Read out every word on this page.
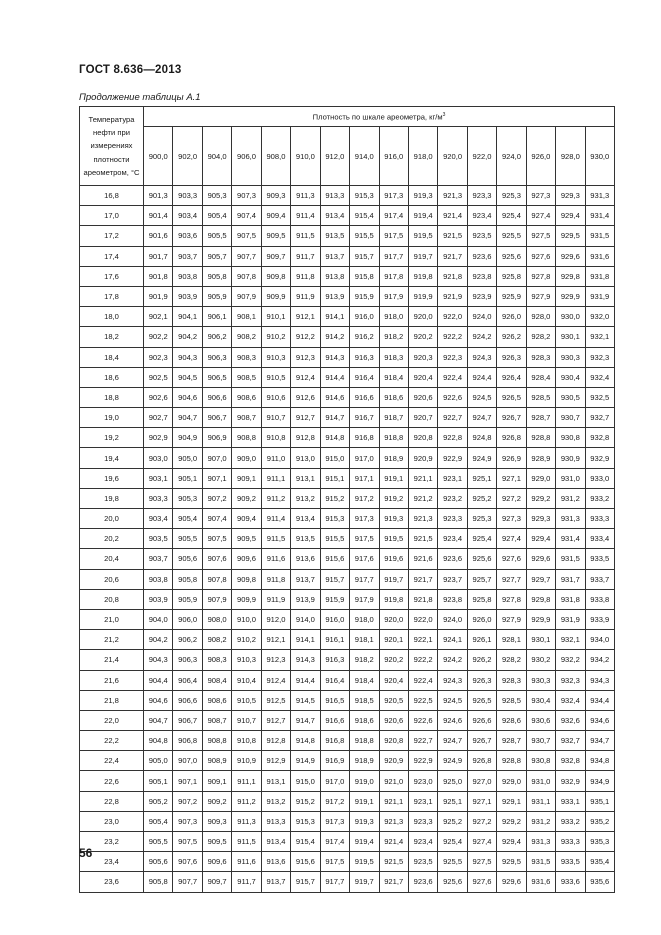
ГОСТ 8.636—2013
Продолжение таблицы А.1
Температура нефти при измерениях плотности ареометром, °С	Плотность по шкале ареометра, $кг/м^3$
	900,0	902,0	904,0	906,0	908,0	910,0	912,0	914,0	916,0	918,0	920,0	922,0	924,0	926,0	928,0	930,0
16,8	901,3	903,3	905,3	907,3	909,3	911,3	913,3	915,3	917,3	919,3	921,3	923,3	925,3	927,3	929,3	931,3
17,0	901,4	903,4	905,4	907,4	909,4	911,4	913,4	915,4	917,4	919,4	921,4	923,4	925,4	927,4	929,4	931,4
17,2	901,6	903,6	905,5	907,5	909,5	911,5	913,5	915,5	917,5	919,5	921,5	923,5	925,5	927,5	929,5	931,5
17,4	901,7	903,7	905,7	907,7	909,7	911,7	913,7	915,7	917,7	919,7	921,7	923,6	925,6	927,6	929,6	931,6
17,6	901,8	903,8	905,8	907,8	909,8	911,8	913,8	915,8	917,8	919,8	921,8	923,8	925,8	927,8	929,8	931,8
17,8	901,9	903,9	905,9	907,9	909,9	911,9	913,9	915,9	917,9	919,9	921,9	923,9	925,9	927,9	929,9	931,9
18,0	902,1	904,1	906,1	908,1	910,1	912,1	914,1	916,0	918,0	920,0	922,0	924,0	926,0	928,0	930,0	932,0
18,2	902,2	904,2	906,2	908,2	910,2	912,2	914,2	916,2	918,2	920,2	922,2	924,2	926,2	928,2	930,1	932,1
18,4	902,3	904,3	906,3	908,3	910,3	912,3	914,3	916,3	918,3	920,3	922,3	924,3	926,3	928,3	930,3	932,3
18,6	902,5	904,5	906,5	908,5	910,5	912,4	914,4	916,4	918,4	920,4	922,4	924,4	926,4	928,4	930,4	932,4
18,8	902,6	904,6	906,6	908,6	910,6	912,6	914,6	916,6	918,6	920,6	922,6	924,5	926,5	928,5	930,5	932,5
19,0	902,7	904,7	906,7	908,7	910,7	912,7	914,7	916,7	918,7	920,7	922,7	924,7	926,7	928,7	930,7	932,7
19,2	902,9	904,9	906,9	908,8	910,8	912,8	914,8	916,8	918,8	920,8	922,8	924,8	926,8	928,8	930,8	932,8
19,4	903,0	905,0	907,0	909,0	911,0	913,0	915,0	917,0	918,9	920,9	922,9	924,9	926,9	928,9	930,9	932,9
19,6	903,1	905,1	907,1	909,1	911,1	913,1	915,1	917,1	919,1	921,1	923,1	925,1	927,1	929,0	931,0	933,0
19,8	903,3	905,3	907,2	909,2	911,2	913,2	915,2	917,2	919,2	921,2	923,2	925,2	927,2	929,2	931,2	933,2
20,0	903,4	905,4	907,4	909,4	911,4	913,4	915,3	917,3	919,3	921,3	923,3	925,3	927,3	929,3	931,3	933,3
20,2	903,5	905,5	907,5	909,5	911,5	913,5	915,5	917,5	919,5	921,5	923,4	925,4	927,4	929,4	931,4	933,4
20,4	903,7	905,6	907,6	909,6	911,6	913,6	915,6	917,6	919,6	921,6	923,6	925,6	927,6	929,6	931,5	933,5
20,6	903,8	905,8	907,8	909,8	911,8	913,7	915,7	917,7	919,7	921,7	923,7	925,7	927,7	929,7	931,7	933,7
20,8	903,9	905,9	907,9	909,9	911,9	913,9	915,9	917,9	919,8	921,8	923,8	925,8	927,8	929,8	931,8	933,8
21,0	904,0	906,0	908,0	910,0	912,0	914,0	916,0	918,0	920,0	922,0	924,0	926,0	927,9	929,9	931,9	933,9
21,2	904,2	906,2	908,2	910,2	912,1	914,1	916,1	918,1	920,1	922,1	924,1	926,1	928,1	930,1	932,1	934,0
21,4	904,3	906,3	908,3	910,3	912,3	914,3	916,3	918,2	920,2	922,2	924,2	926,2	928,2	930,2	932,2	934,2
21,6	904,4	906,4	908,4	910,4	912,4	914,4	916,4	918,4	920,4	922,4	924,3	926,3	928,3	930,3	932,3	934,3
21,8	904,6	906,6	908,6	910,5	912,5	914,5	916,5	918,5	920,5	922,5	924,5	926,5	928,5	930,4	932,4	934,4
22,0	904,7	906,7	908,7	910,7	912,7	914,7	916,6	918,6	920,6	922,6	924,6	926,6	928,6	930,6	932,6	934,6
22,2	904,8	906,8	908,8	910,8	912,8	914,8	916,8	918,8	920,8	922,7	924,7	926,7	928,7	930,7	932,7	934,7
22,4	905,0	907,0	908,9	910,9	912,9	914,9	916,9	918,9	920,9	922,9	924,9	926,8	928,8	930,8	932,8	934,8
22,6	905,1	907,1	909,1	911,1	913,1	915,0	917,0	919,0	921,0	923,0	925,0	927,0	929,0	931,0	932,9	934,9
22,8	905,2	907,2	909,2	911,2	913,2	915,2	917,2	919,1	921,1	923,1	925,1	927,1	929,1	931,1	933,1	935,1
23,0	905,4	907,3	909,3	911,3	913,3	915,3	917,3	919,3	921,3	923,3	925,2	927,2	929,2	931,2	933,2	935,2
23,2	905,5	907,5	909,5	911,5	913,4	915,4	917,4	919,4	921,4	923,4	925,4	927,4	929,4	931,3	933,3	935,3
23,4	905,6	907,6	909,6	911,6	913,6	915,6	917,5	919,5	921,5	923,5	925,5	927,5	929,5	931,5	933,5	935,4
23,6	905,8	907,7	909,7	911,7	913,7	915,7	917,7	919,7	921,7	923,6	925,6	927,6	929,6	931,6	933,6	935,6
56
